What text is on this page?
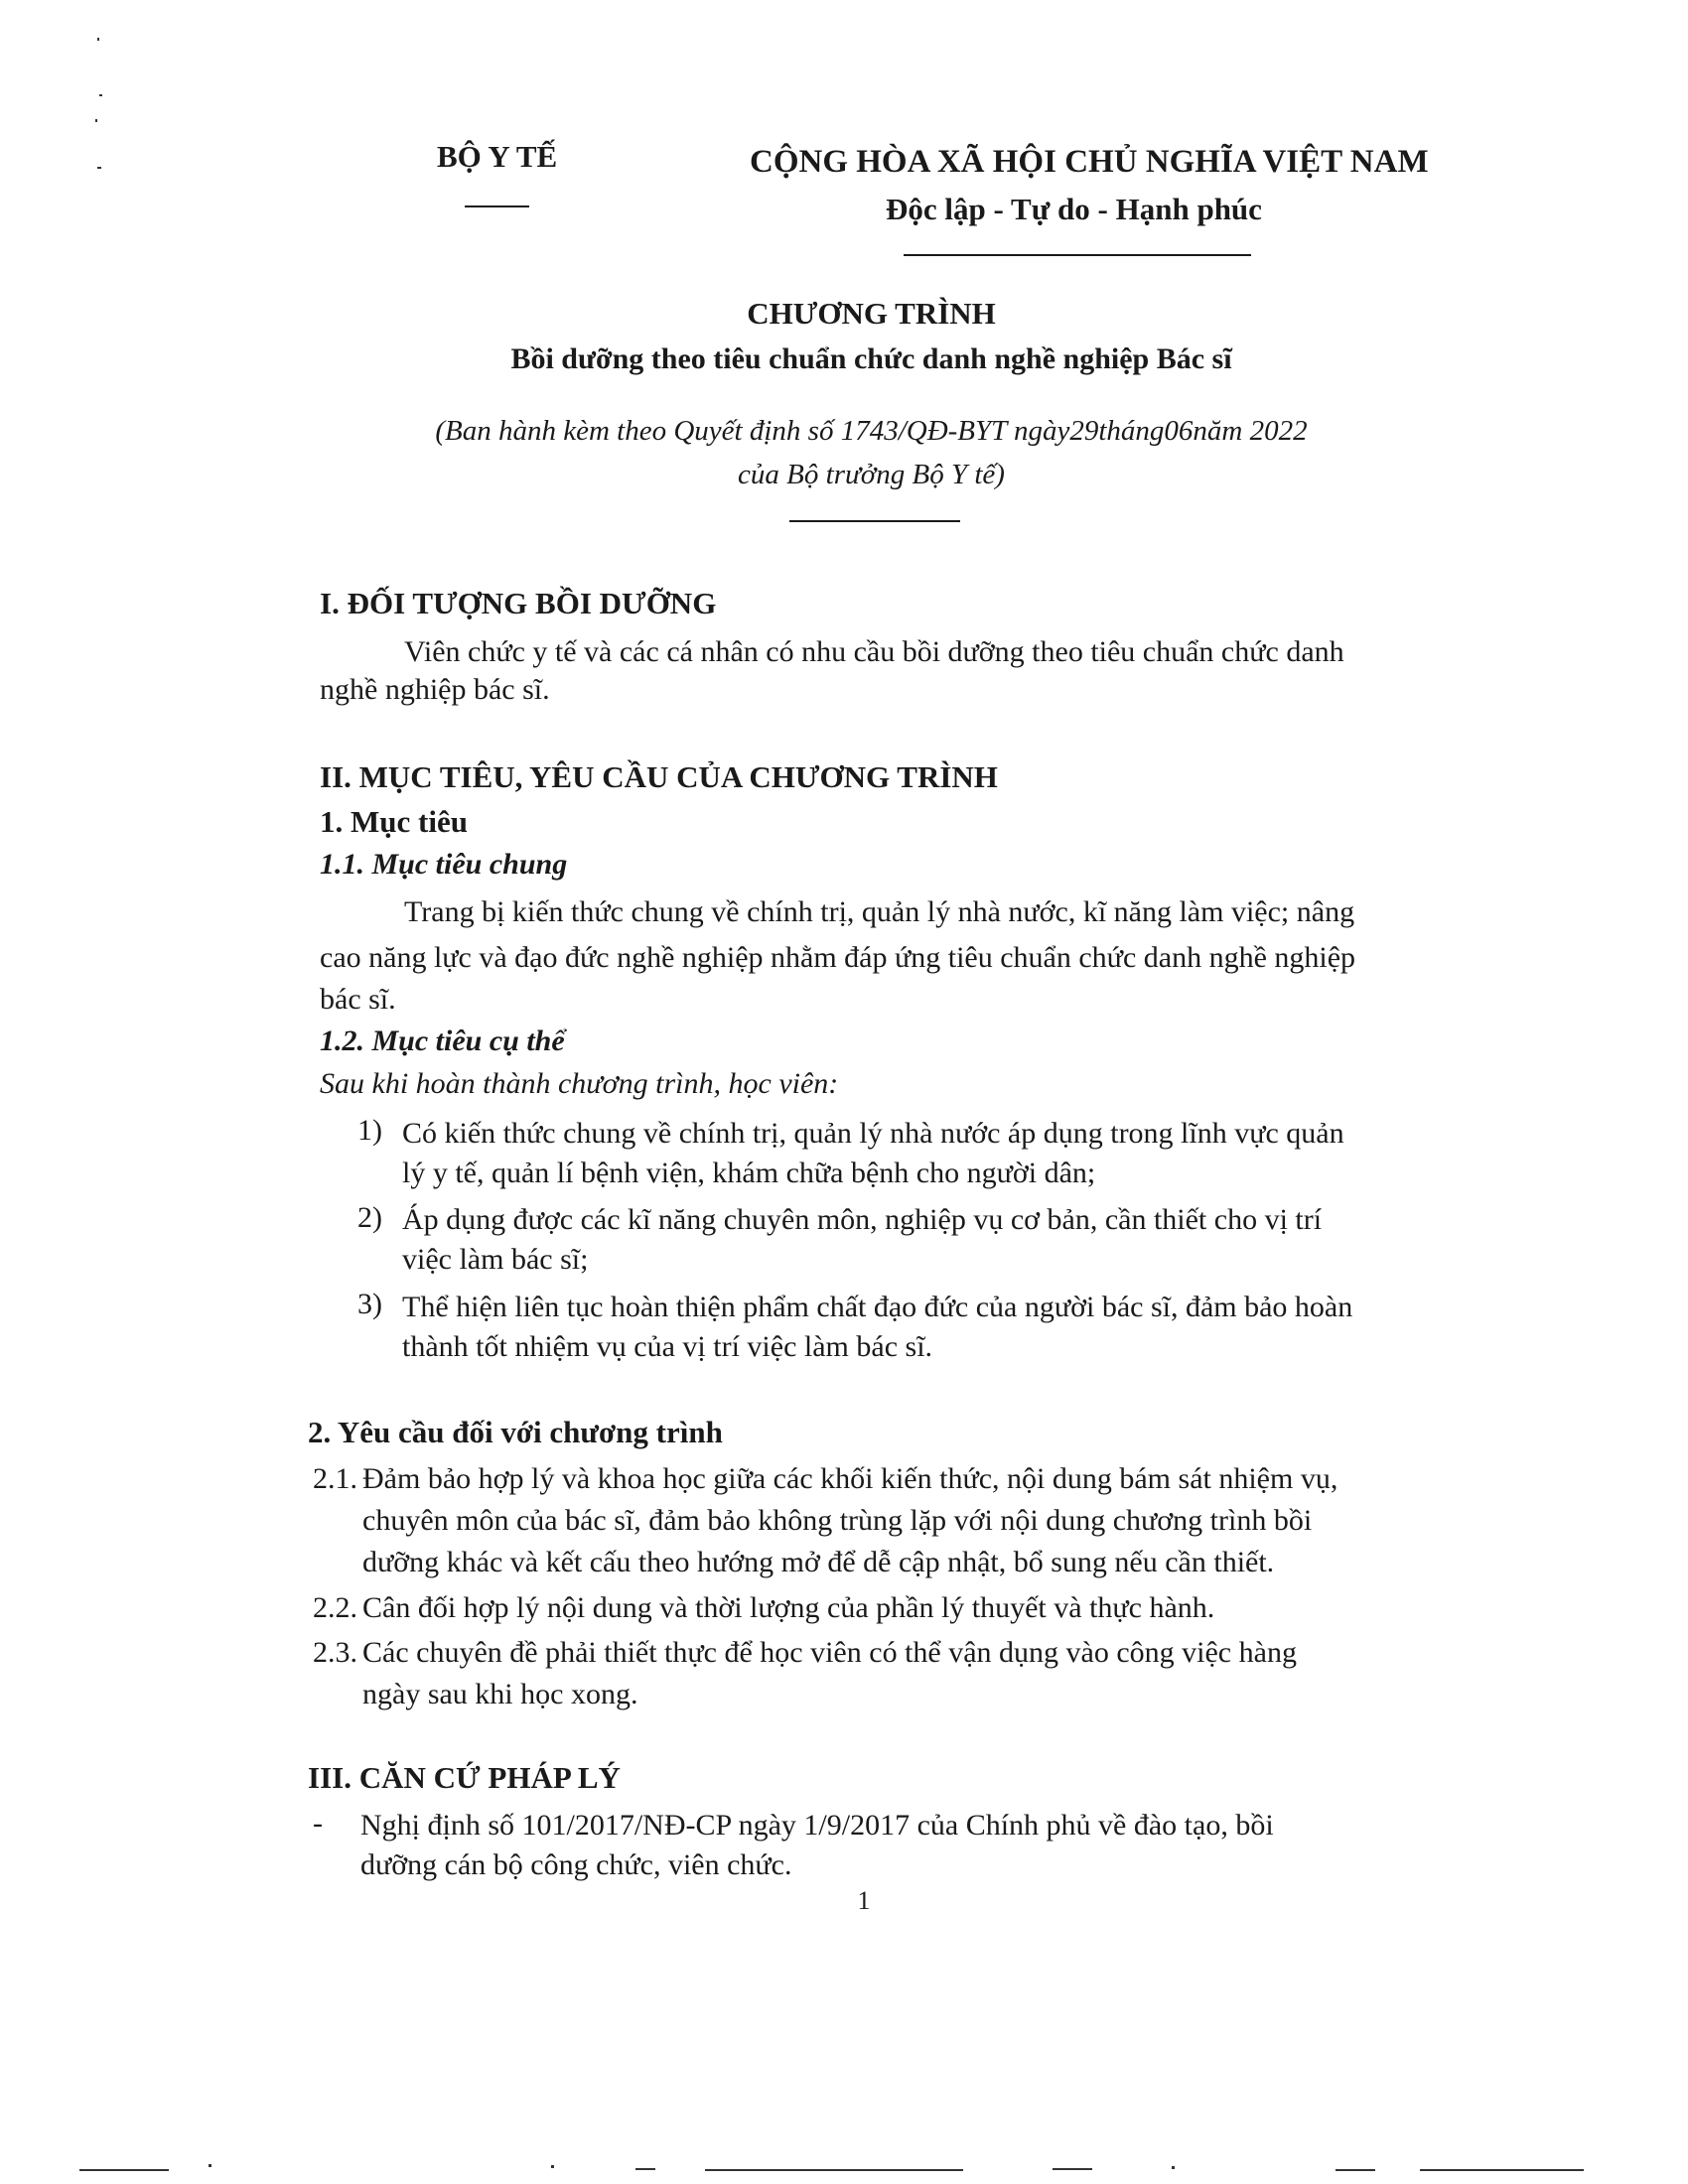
BỘ Y TẾ	CỘNG HÒA XÃ HỘI CHỦ NGHĨA VIỆT NAM
Độc lập - Tự do - Hạnh phúc
CHƯƠNG TRÌNH
Bồi dưỡng theo tiêu chuẩn chức danh nghề nghiệp Bác sĩ
(Ban hành kèm theo Quyết định số 1743/QĐ-BYT ngày29tháng06năm 2022
của Bộ trưởng Bộ Y tế)
I. ĐỐI TƯỢNG BỒI DƯỠNG
Viên chức y tế và các cá nhân có nhu cầu bồi dưỡng theo tiêu chuẩn chức danh
nghề nghiệp bác sĩ.
II. MỤC TIÊU, YÊU CẦU CỦA CHƯƠNG TRÌNH
1. Mục tiêu
1.1. Mục tiêu chung
Trang bị kiến thức chung về chính trị, quản lý nhà nước, kĩ năng làm việc; nâng
cao năng lực và đạo đức nghề nghiệp nhằm đáp ứng tiêu chuẩn chức danh nghề nghiệp
bác sĩ.
1.2. Mục tiêu cụ thể
Sau khi hoàn thành chương trình, học viên:
1) Có kiến thức chung về chính trị, quản lý nhà nước áp dụng trong lĩnh vực quản
lý y tế, quản lí bệnh viện, khám chữa bệnh cho người dân;
2) Áp dụng được các kĩ năng chuyên môn, nghiệp vụ cơ bản, cần thiết cho vị trí
việc làm bác sĩ;
3) Thể hiện liên tục hoàn thiện phẩm chất đạo đức của người bác sĩ, đảm bảo hoàn
thành tốt nhiệm vụ của vị trí việc làm bác sĩ.
2. Yêu cầu đối với chương trình
2.1. Đảm bảo hợp lý và khoa học giữa các khối kiến thức, nội dung bám sát nhiệm vụ,
chuyên môn của bác sĩ, đảm bảo không trùng lặp với nội dung chương trình bồi
dưỡng khác và kết cấu theo hướng mở để dễ cập nhật, bổ sung nếu cần thiết.
2.2. Cân đối hợp lý nội dung và thời lượng của phần lý thuyết và thực hành.
2.3. Các chuyên đề phải thiết thực để học viên có thể vận dụng vào công việc hàng
ngày sau khi học xong.
III. CĂN CỨ PHÁP LÝ
- Nghị định số 101/2017/NĐ-CP ngày 1/9/2017 của Chính phủ về đào tạo, bồi
dưỡng cán bộ công chức, viên chức.
1
